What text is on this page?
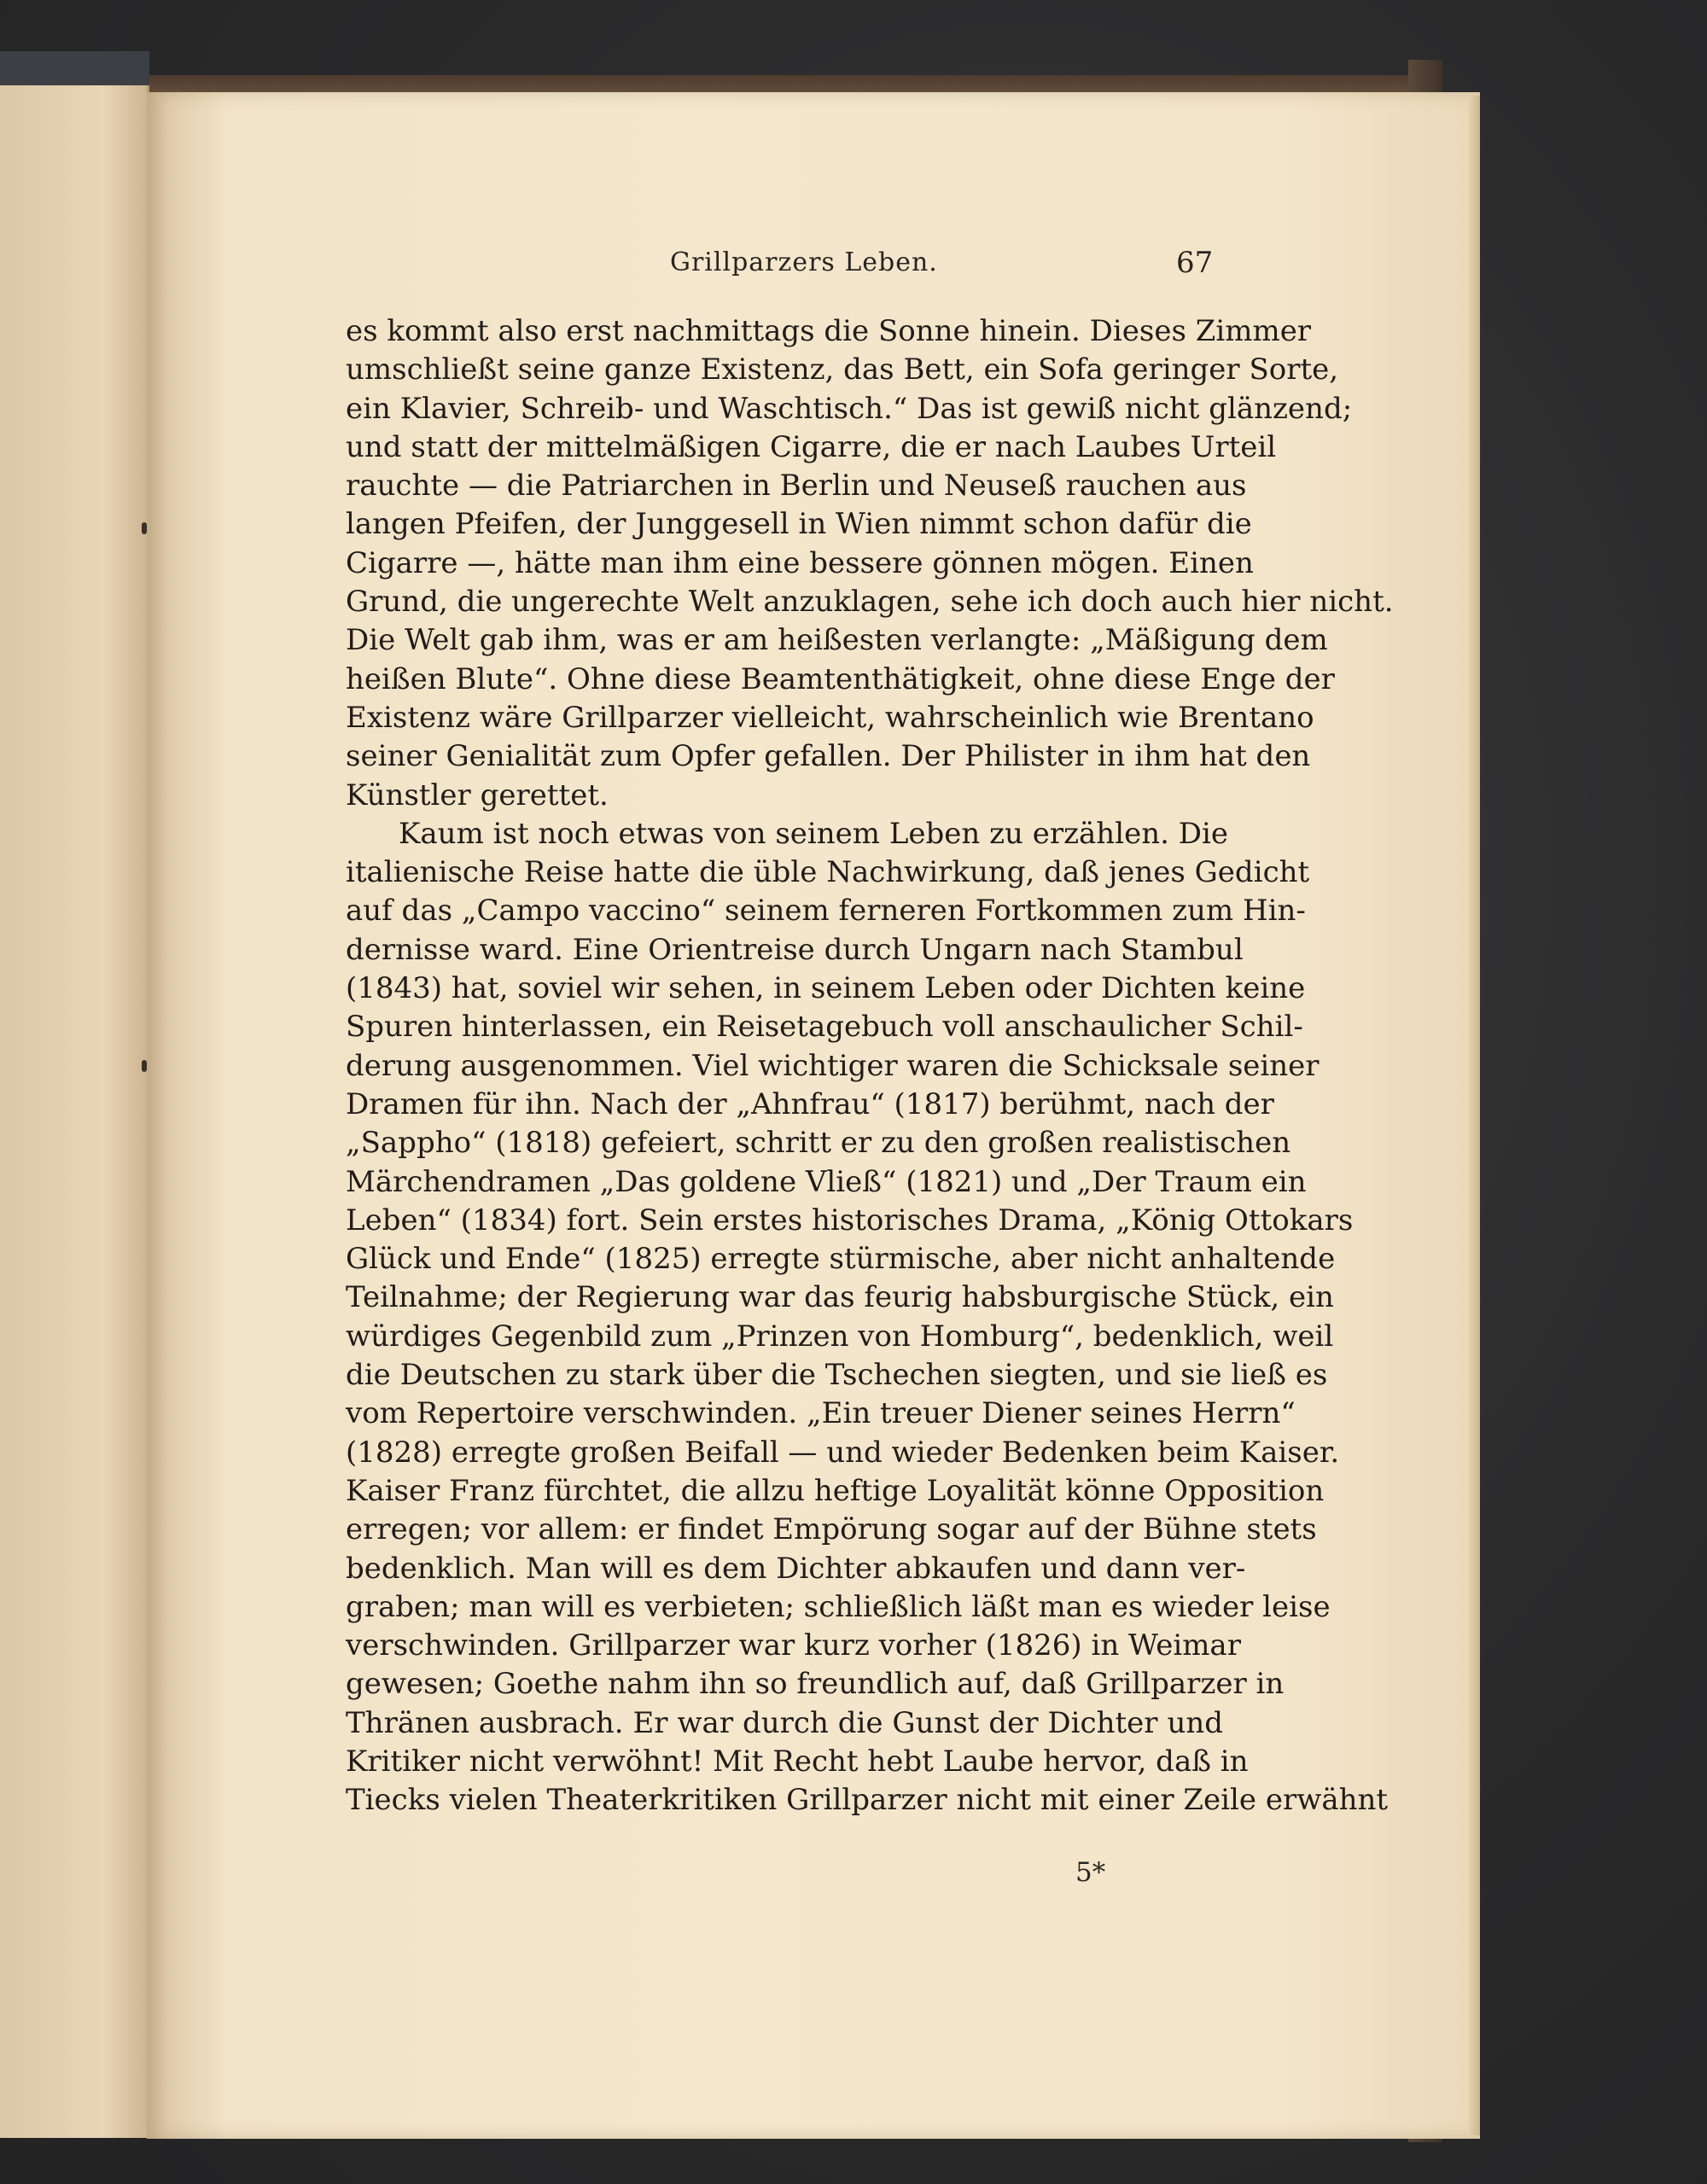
Grillparzers Leben.	67
es kommt also erst nachmittags die Sonne hinein. Dieses Zimmer
umschließt seine ganze Existenz, das Bett, ein Sofa geringer Sorte,
ein Klavier, Schreib- und Waschtisch.“ Das ist gewiß nicht glänzend;
und statt der mittelmäßigen Cigarre, die er nach Laubes Urteil
rauchte — die Patriarchen in Berlin und Neuseß rauchen aus
langen Pfeifen, der Junggesell in Wien nimmt schon dafür die
Cigarre —, hätte man ihm eine bessere gönnen mögen. Einen
Grund, die ungerechte Welt anzuklagen, sehe ich doch auch hier nicht.
Die Welt gab ihm, was er am heißesten verlangte: „Mäßigung dem
heißen Blute“. Ohne diese Beamtenthätigkeit, ohne diese Enge der
Existenz wäre Grillparzer vielleicht, wahrscheinlich wie Brentano
seiner Genialität zum Opfer gefallen. Der Philister in ihm hat den
Künstler gerettet.
Kaum ist noch etwas von seinem Leben zu erzählen. Die
italienische Reise hatte die üble Nachwirkung, daß jenes Gedicht
auf das „Campo vaccino“ seinem ferneren Fortkommen zum Hin-
dernisse ward. Eine Orientreise durch Ungarn nach Stambul
(1843) hat, soviel wir sehen, in seinem Leben oder Dichten keine
Spuren hinterlassen, ein Reisetagebuch voll anschaulicher Schil-
derung ausgenommen. Viel wichtiger waren die Schicksale seiner
Dramen für ihn. Nach der „Ahnfrau“ (1817) berühmt, nach der
„Sappho“ (1818) gefeiert, schritt er zu den großen realistischen
Märchendramen „Das goldene Vließ“ (1821) und „Der Traum ein
Leben“ (1834) fort. Sein erstes historisches Drama, „König Ottokars
Glück und Ende“ (1825) erregte stürmische, aber nicht anhaltende
Teilnahme; der Regierung war das feurig habsburgische Stück, ein
würdiges Gegenbild zum „Prinzen von Homburg“, bedenklich, weil
die Deutschen zu stark über die Tschechen siegten, und sie ließ es
vom Repertoire verschwinden. „Ein treuer Diener seines Herrn“
(1828) erregte großen Beifall — und wieder Bedenken beim Kaiser.
Kaiser Franz fürchtet, die allzu heftige Loyalität könne Opposition
erregen; vor allem: er findet Empörung sogar auf der Bühne stets
bedenklich. Man will es dem Dichter abkaufen und dann ver-
graben; man will es verbieten; schließlich läßt man es wieder leise
verschwinden. Grillparzer war kurz vorher (1826) in Weimar
gewesen; Goethe nahm ihn so freundlich auf, daß Grillparzer in
Thränen ausbrach. Er war durch die Gunst der Dichter und
Kritiker nicht verwöhnt! Mit Recht hebt Laube hervor, daß in
Tiecks vielen Theaterkritiken Grillparzer nicht mit einer Zeile erwähnt
5*
